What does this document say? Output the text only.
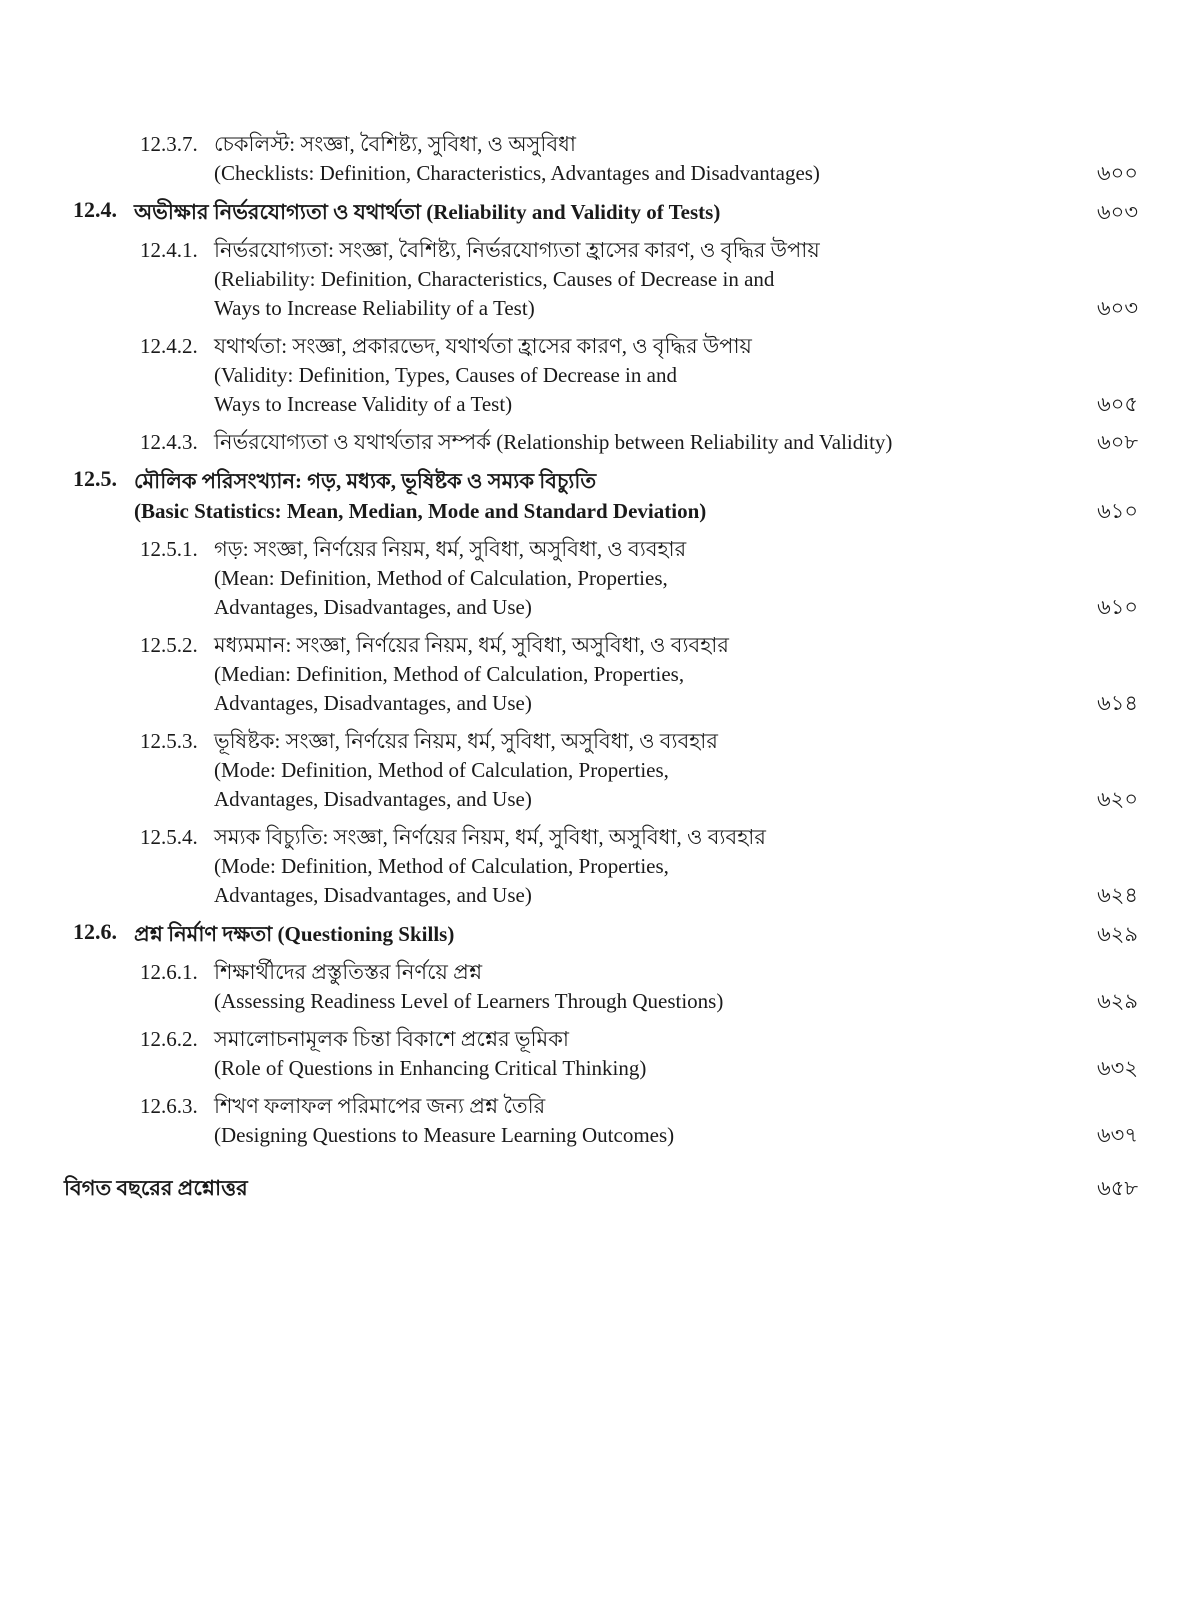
12.3.7. চেকলিস্ট: সংজ্ঞা, বৈশিষ্ট্য, সুবিধা, ও অসুবিধা
(Checklists: Definition, Characteristics, Advantages and Disadvantages)	৬০০
12.4. অভীক্ষার নির্ভরযোগ্যতা ও যথার্থতা (Reliability and Validity of Tests)	৬০৩
12.4.1. নির্ভরযোগ্যতা: সংজ্ঞা, বৈশিষ্ট্য, নির্ভরযোগ্যতা হ্রাসের কারণ, ও বৃদ্ধির উপায়
(Reliability: Definition, Characteristics, Causes of Decrease in and
Ways to Increase Reliability of a Test)	৬০৩
12.4.2. যথার্থতা: সংজ্ঞা, প্রকারভেদ, যথার্থতা হ্রাসের কারণ, ও বৃদ্ধির উপায়
(Validity: Definition, Types, Causes of Decrease in and
Ways to Increase Validity of a Test)	৬০৫
12.4.3. নির্ভরযোগ্যতা ও যথার্থতার সম্পর্ক (Relationship between Reliability and Validity)	৬০৮
12.5. মৌলিক পরিসংখ্যান: গড়, মধ্যক, ভূষিষ্টক ও সম্যক বিচ্যুতি
(Basic Statistics: Mean, Median, Mode and Standard Deviation)	৬১০
12.5.1. গড়: সংজ্ঞা, নির্ণয়ের নিয়ম, ধর্ম, সুবিধা, অসুবিধা, ও ব্যবহার
(Mean: Definition, Method of Calculation, Properties,
Advantages, Disadvantages, and Use)	৬১০
12.5.2. মধ্যমমান: সংজ্ঞা, নির্ণয়ের নিয়ম, ধর্ম, সুবিধা, অসুবিধা, ও ব্যবহার
(Median: Definition, Method of Calculation, Properties,
Advantages, Disadvantages, and Use)	৬১৪
12.5.3. ভূষিষ্টক: সংজ্ঞা, নির্ণয়ের নিয়ম, ধর্ম, সুবিধা, অসুবিধা, ও ব্যবহার
(Mode: Definition, Method of Calculation, Properties,
Advantages, Disadvantages, and Use)	৬২০
12.5.4. সম্যক বিচ্যুতি: সংজ্ঞা, নির্ণয়ের নিয়ম, ধর্ম, সুবিধা, অসুবিধা, ও ব্যবহার
(Mode: Definition, Method of Calculation, Properties,
Advantages, Disadvantages, and Use)	৬২৪
12.6. প্রশ্ন নির্মাণ দক্ষতা (Questioning Skills)	৬২৯
12.6.1. শিক্ষার্থীদের প্রস্তুতিস্তর নির্ণয়ে প্রশ্ন
(Assessing Readiness Level of Learners Through Questions)	৬২৯
12.6.2. সমালোচনামূলক চিন্তা বিকাশে প্রশ্নের ভূমিকা
(Role of Questions in Enhancing Critical Thinking)	৬৩২
12.6.3. শিখণ ফলাফল পরিমাপের জন্য প্রশ্ন তৈরি
(Designing Questions to Measure Learning Outcomes)	৬৩৭
বিগত বছরের প্রশ্নোত্তর	৬৫৮
